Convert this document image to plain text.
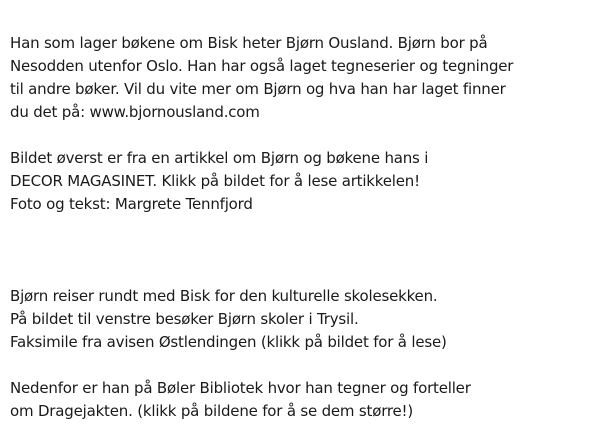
Han som lager bøkene om Bisk heter Bjørn Ousland. Bjørn bor på
Nesodden utenfor Oslo. Han har også laget tegneserier og tegninger
til andre bøker. Vil du vite mer om Bjørn og hva han har laget finner
du det på: www.bjornousland.com

Bildet øverst er fra en artikkel om Bjørn og bøkene hans i
DECOR MAGASINET. Klikk på bildet for å lese artikkelen!
Foto og tekst: Margrete Tennfjord

Bjørn reiser rundt med Bisk for den kulturelle skolesekken.
På bildet til venstre besøker Bjørn skoler i Trysil.
Faksimile fra avisen Østlendingen (klikk på bildet for å lese)

Nedenfor er han på Bøler Bibliotek hvor han tegner og forteller
om Dragejakten. (klikk på bildene for å se dem større!)
